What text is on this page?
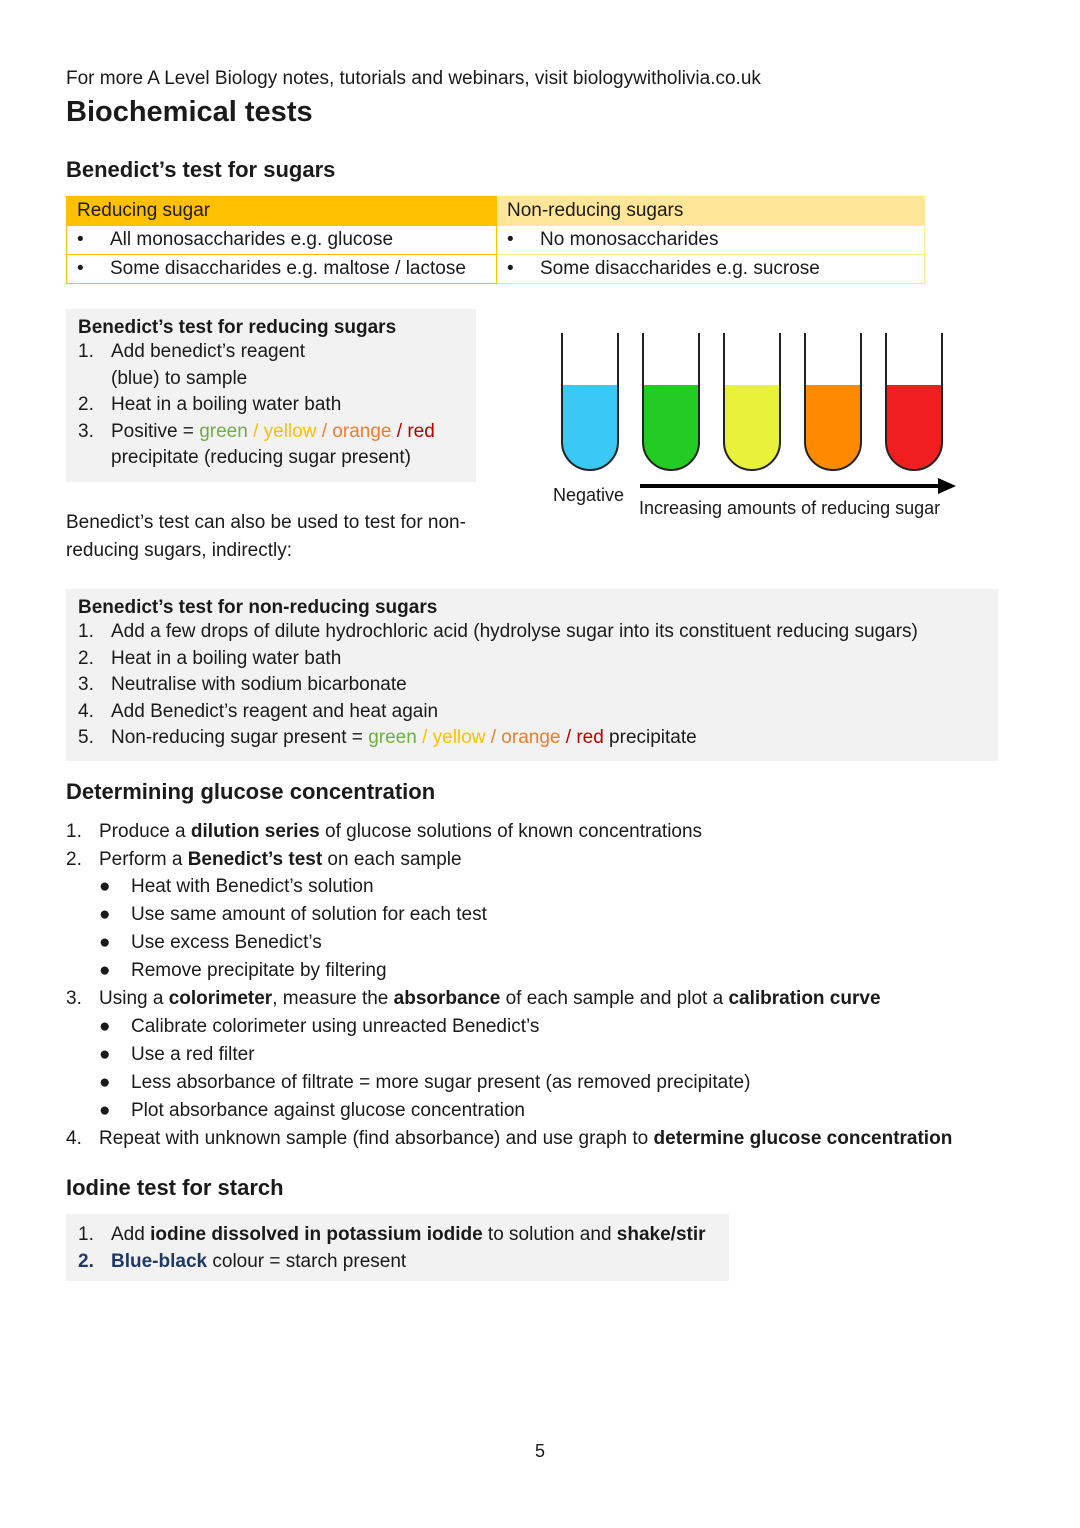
For more A Level Biology notes, tutorials and webinars, visit biologywitholivia.co.uk
Biochemical tests
Benedict’s test for sugars
Reducing sugar	Non-reducing sugars
• All monosaccharides e.g. glucose	• No monosaccharides
• Some disaccharides e.g. maltose / lactose	• Some disaccharides e.g. sucrose
Benedict’s test for reducing sugars
1. Add benedict’s reagent
(blue) to sample
2. Heat in a boiling water bath
3. Positive = green / yellow / orange / red
precipitate (reducing sugar present)
Negative
Increasing amounts of reducing sugar
Benedict’s test can also be used to test for non-reducing sugars, indirectly:
Benedict’s test for non-reducing sugars
1. Add a few drops of dilute hydrochloric acid (hydrolyse sugar into its constituent reducing sugars)
2. Heat in a boiling water bath
3. Neutralise with sodium bicarbonate
4. Add Benedict’s reagent and heat again
5. Non-reducing sugar present = green / yellow / orange / red precipitate
Determining glucose concentration
1. Produce a dilution series of glucose solutions of known concentrations
2. Perform a Benedict’s test on each sample
● Heat with Benedict’s solution
● Use same amount of solution for each test
● Use excess Benedict’s
● Remove precipitate by filtering
3. Using a colorimeter, measure the absorbance of each sample and plot a calibration curve
● Calibrate colorimeter using unreacted Benedict’s
● Use a red filter
● Less absorbance of filtrate = more sugar present (as removed precipitate)
● Plot absorbance against glucose concentration
4. Repeat with unknown sample (find absorbance) and use graph to determine glucose concentration
Iodine test for starch
1. Add iodine dissolved in potassium iodide to solution and shake/stir
2. Blue-black colour = starch present
5
